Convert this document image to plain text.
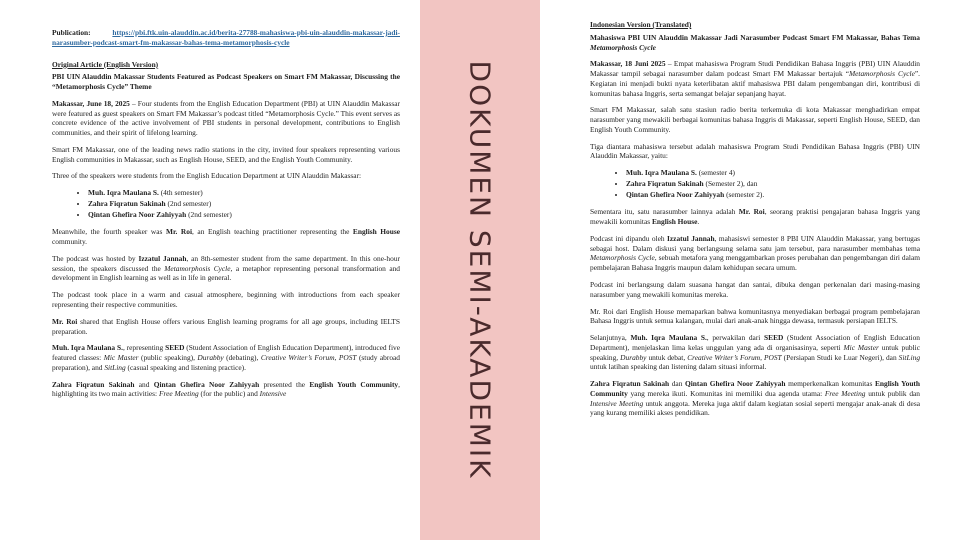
Publication:	https://pbi.ftk.uin-alauddin.ac.id/berita-27788-mahasiswa-pbi-uin-alauddin-makassar-jadi-narasumber-podcast-smart-fm-makassar-bahas-tema-metamorphosis-cycle

Original Article (English Version)

PBI UIN Alauddin Makassar Students Featured as Podcast Speakers on Smart FM Makassar, Discussing the “Metamorphosis Cycle” Theme

Makassar, June 18, 2025 – Four students from the English Education Department (PBI) at UIN Alauddin Makassar were featured as guest speakers on Smart FM Makassar’s podcast titled “Metamorphosis Cycle.” This event serves as concrete evidence of the active involvement of PBI students in personal development, contributions to English communities, and their spirit of lifelong learning.

Smart FM Makassar, one of the leading news radio stations in the city, invited four speakers representing various English communities in Makassar, such as English House, SEED, and the English Youth Community.

Three of the speakers were students from the English Education Department at UIN Alauddin Makassar:

• Muh. Iqra Maulana S. (4th semester)
• Zahra Fiqratun Sakinah (2nd semester)
• Qintan Ghefira Noor Zahiyyah (2nd semester)

Meanwhile, the fourth speaker was Mr. Roi, an English teaching practitioner representing the English House community.

The podcast was hosted by Izzatul Jannah, an 8th-semester student from the same department. In this one-hour session, the speakers discussed the Metamorphosis Cycle, a metaphor representing personal transformation and development in English learning as well as in life in general.

The podcast took place in a warm and casual atmosphere, beginning with introductions from each speaker representing their respective communities.

Mr. Roi shared that English House offers various English learning programs for all age groups, including IELTS preparation.

Muh. Iqra Maulana S., representing SEED (Student Association of English Education Department), introduced five featured classes: Mic Master (public speaking), Durabby (debating), Creative Writer’s Forum, POST (study abroad preparation), and SitLing (casual speaking and listening practice).

Zahra Fiqratun Sakinah and Qintan Ghefira Noor Zahiyyah presented the English Youth Community, highlighting its two main activities: Free Meeting (for the public) and Intensive	DOKUMEN SEMI-AKADEMIK

Indonesian Version (Translated)

Mahasiswa PBI UIN Alauddin Makassar Jadi Narasumber Podcast Smart FM Makassar, Bahas Tema Metamorphosis Cycle

Makassar, 18 Juni 2025 – Empat mahasiswa Program Studi Pendidikan Bahasa Inggris (PBI) UIN Alauddin Makassar tampil sebagai narasumber dalam podcast Smart FM Makassar bertajuk “Metamorphosis Cycle”. Kegiatan ini menjadi bukti nyata keterlibatan aktif mahasiswa PBI dalam pengembangan diri, kontribusi di komunitas bahasa Inggris, serta semangat belajar sepanjang hayat.

Smart FM Makassar, salah satu stasiun radio berita terkemuka di kota Makassar menghadirkan empat narasumber yang mewakili berbagai komunitas bahasa Inggris di Makassar, seperti English House, SEED, dan English Youth Community.

Tiga diantara mahasiswa tersebut adalah mahasiswa Program Studi Pendidikan Bahasa Inggris (PBI) UIN Alauddin Makassar, yaitu:

• Muh. Iqra Maulana S. (semester 4)
• Zahra Fiqratun Sakinah (Semester 2), dan
• Qintan Ghefira Noor Zahiyyah (semester 2).

Sementara itu, satu narasumber lainnya adalah Mr. Roi, seorang praktisi pengajaran bahasa Inggris yang mewakili komunitas English House.

Podcast ini dipandu oleh Izzatul Jannah, mahasiswi semester 8 PBI UIN Alauddin Makassar, yang bertugas sebagai host. Dalam diskusi yang berlangsung selama satu jam tersebut, para narasumber membahas tema Metamorphosis Cycle, sebuah metafora yang menggambarkan proses perubahan dan pengembangan diri dalam pembelajaran Bahasa Inggris maupun dalam kehidupan secara umum.

Podcast ini berlangsung dalam suasana hangat dan santai, dibuka dengan perkenalan dari masing-masing narasumber yang mewakili komunitas mereka.

Mr. Roi dari English House memaparkan bahwa komunitasnya menyediakan berbagai program pembelajaran Bahasa Inggris untuk semua kalangan, mulai dari anak-anak hingga dewasa, termasuk persiapan IELTS.

Selanjutnya, Muh. Iqra Maulana S., perwakilan dari SEED (Student Association of English Education Department), menjelaskan lima kelas unggulan yang ada di organisasinya, seperti Mic Master untuk public speaking, Durabby untuk debat, Creative Writer’s Forum, POST (Persiapan Studi ke Luar Negeri), dan SitLing untuk latihan speaking dan listening dalam situasi informal.

Zahra Fiqratun Sakinah dan Qintan Ghefira Noor Zahiyyah memperkenalkan komunitas English Youth Community yang mereka ikuti. Komunitas ini memiliki dua agenda utama: Free Meeting untuk publik dan Intensive Meeting untuk anggota. Mereka juga aktif dalam kegiatan sosial seperti mengajar anak-anak di desa yang kurang memiliki akses pendidikan.
